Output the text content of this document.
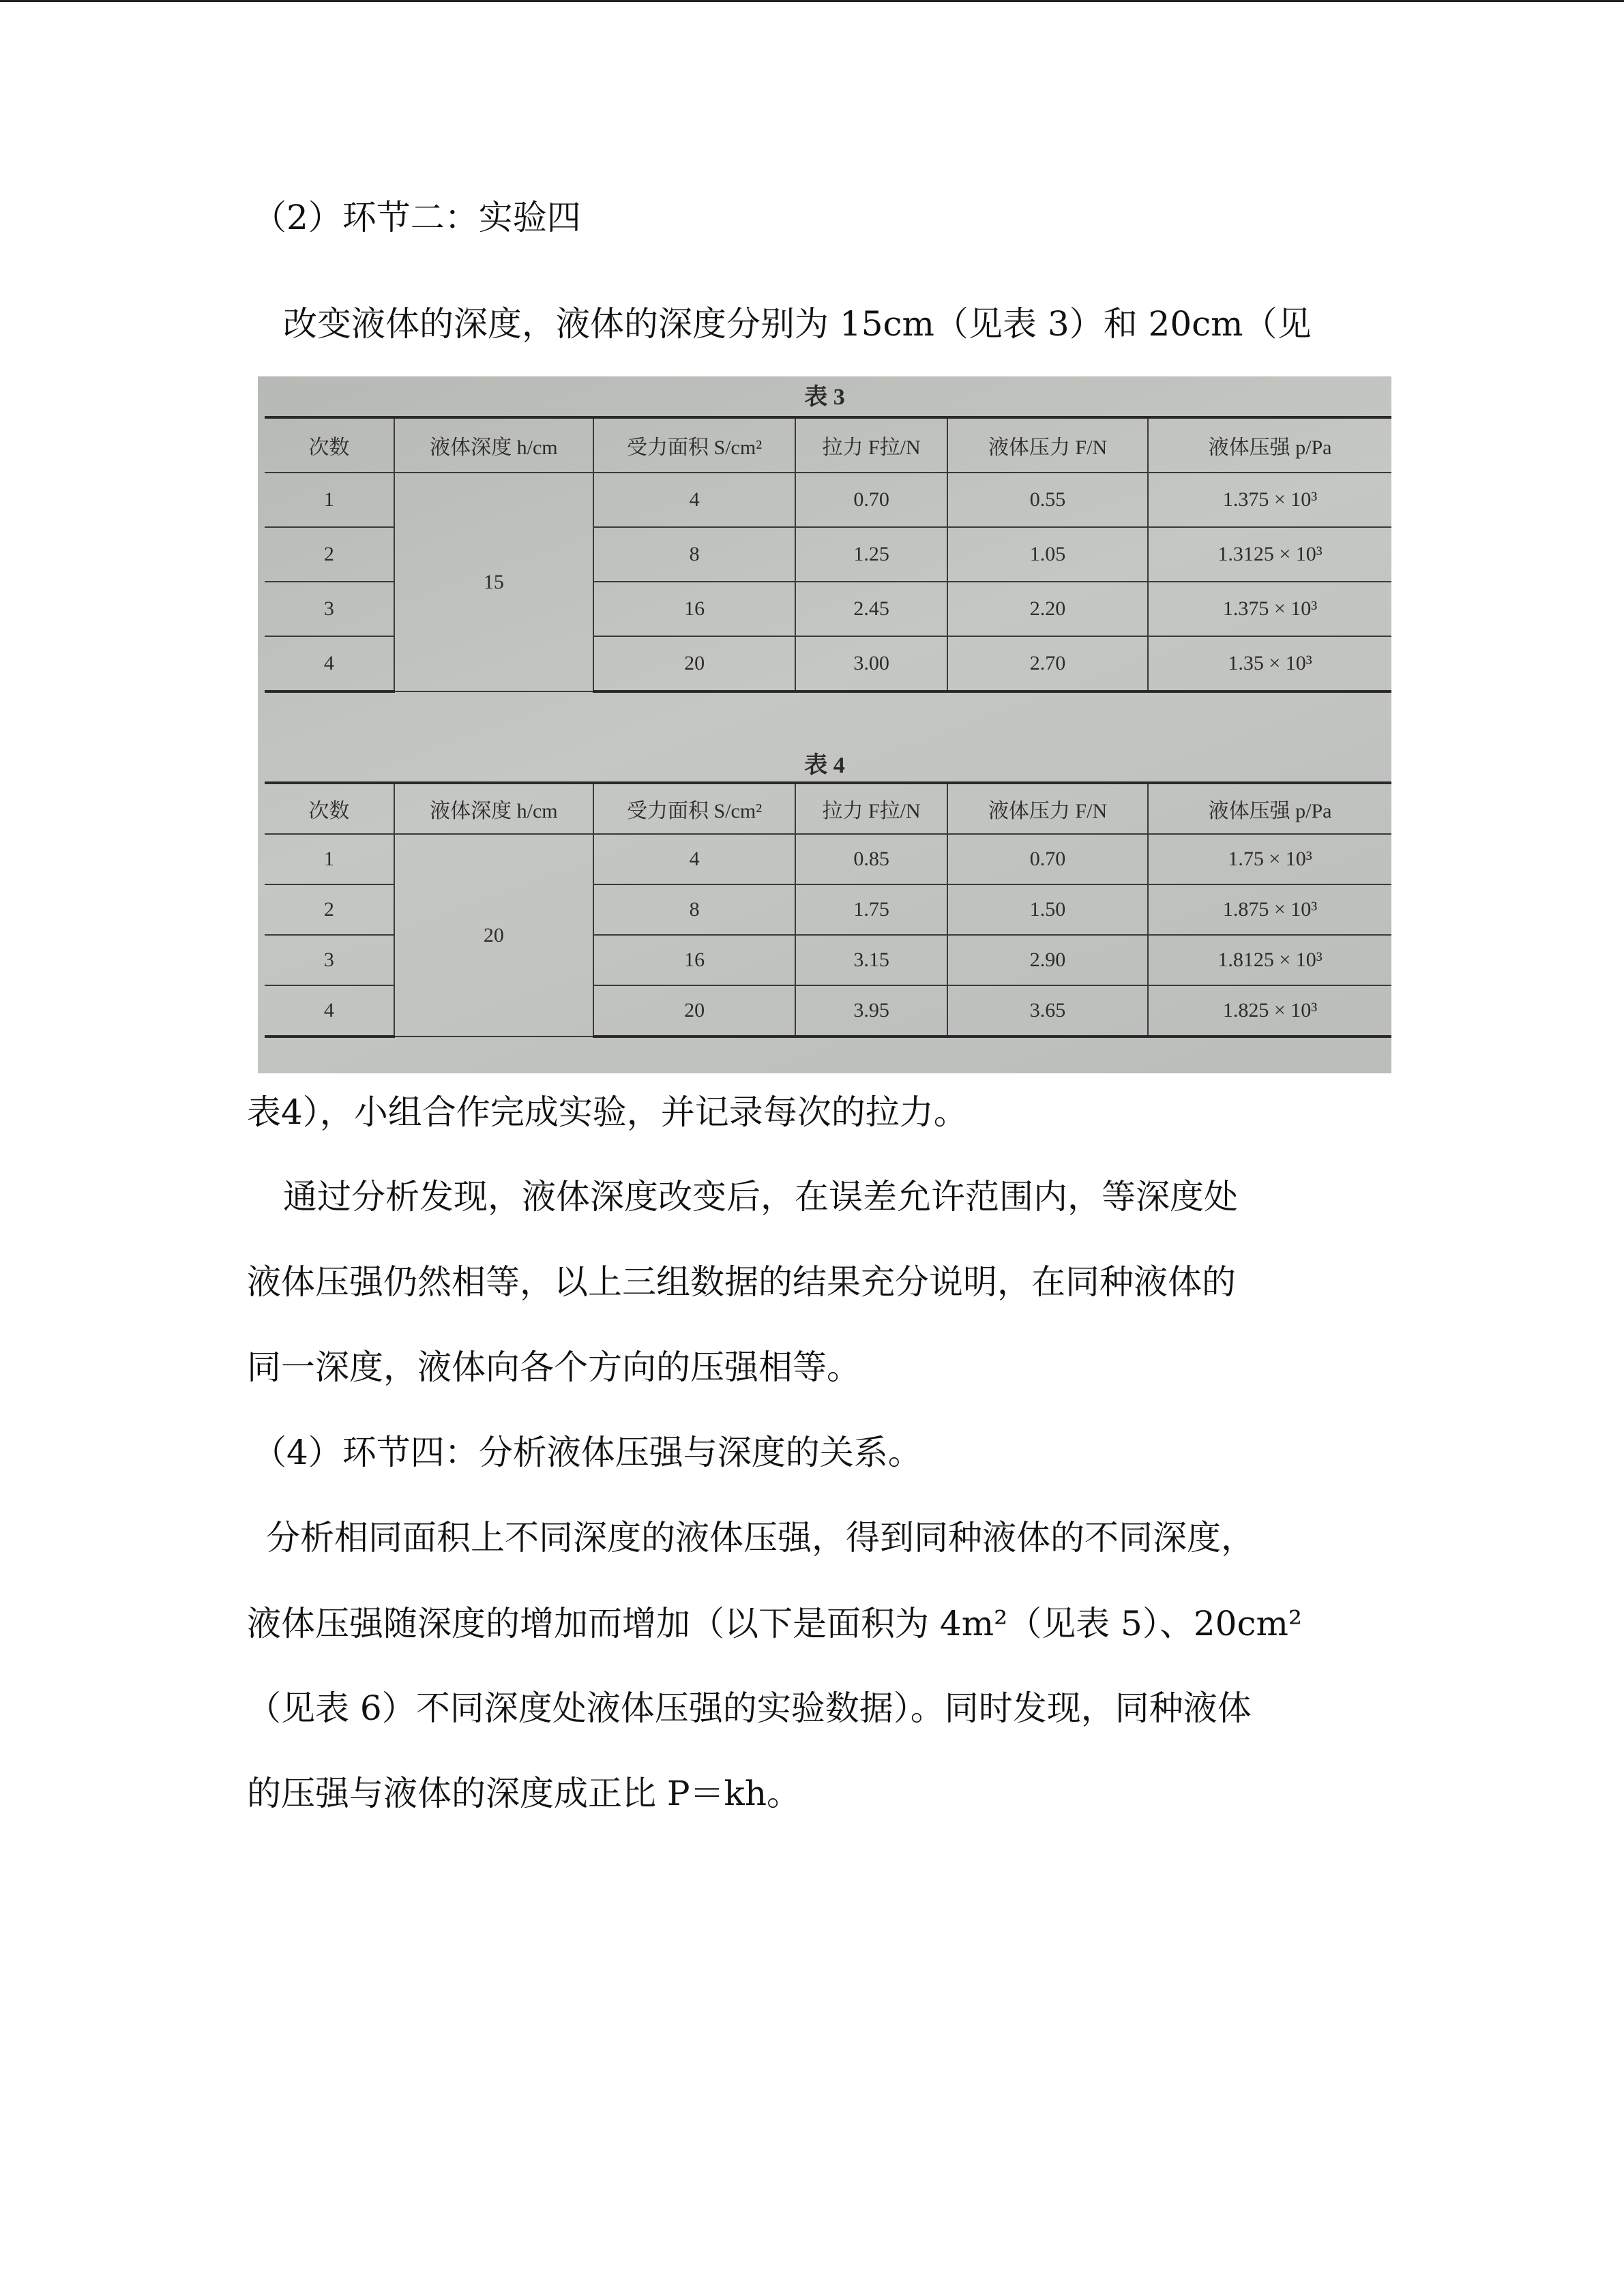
（2）环节二：实验四
改变液体的深度，液体的深度分别为 15cm（见表 3）和 20cm（见
表 3
次数	液体深度 h/cm	受力面积 S/cm²	拉力 F拉/N	液体压力 F/N	液体压强 p/Pa
1	15	4	0.70	0.55	1.375 × 10³
2		8	1.25	1.05	1.3125 × 10³
3		16	2.45	2.20	1.375 × 10³
4		20	3.00	2.70	1.35 × 10³
表 4
次数	液体深度 h/cm	受力面积 S/cm²	拉力 F拉/N	液体压力 F/N	液体压强 p/Pa
1	20	4	0.85	0.70	1.75 × 10³
2		8	1.75	1.50	1.875 × 10³
3		16	3.15	2.90	1.8125 × 10³
4		20	3.95	3.65	1.825 × 10³
表4），小组合作完成实验，并记录每次的拉力。
通过分析发现，液体深度改变后，在误差允许范围内，等深度处
液体压强仍然相等，以上三组数据的结果充分说明，在同种液体的
同一深度，液体向各个方向的压强相等。
（4）环节四：分析液体压强与深度的关系。
分析相同面积上不同深度的液体压强，得到同种液体的不同深度，
液体压强随深度的增加而增加（以下是面积为 4m²（见表 5）、20cm²
（见表 6）不同深度处液体压强的实验数据）。同时发现，同种液体
的压强与液体的深度成正比 P＝kh。
